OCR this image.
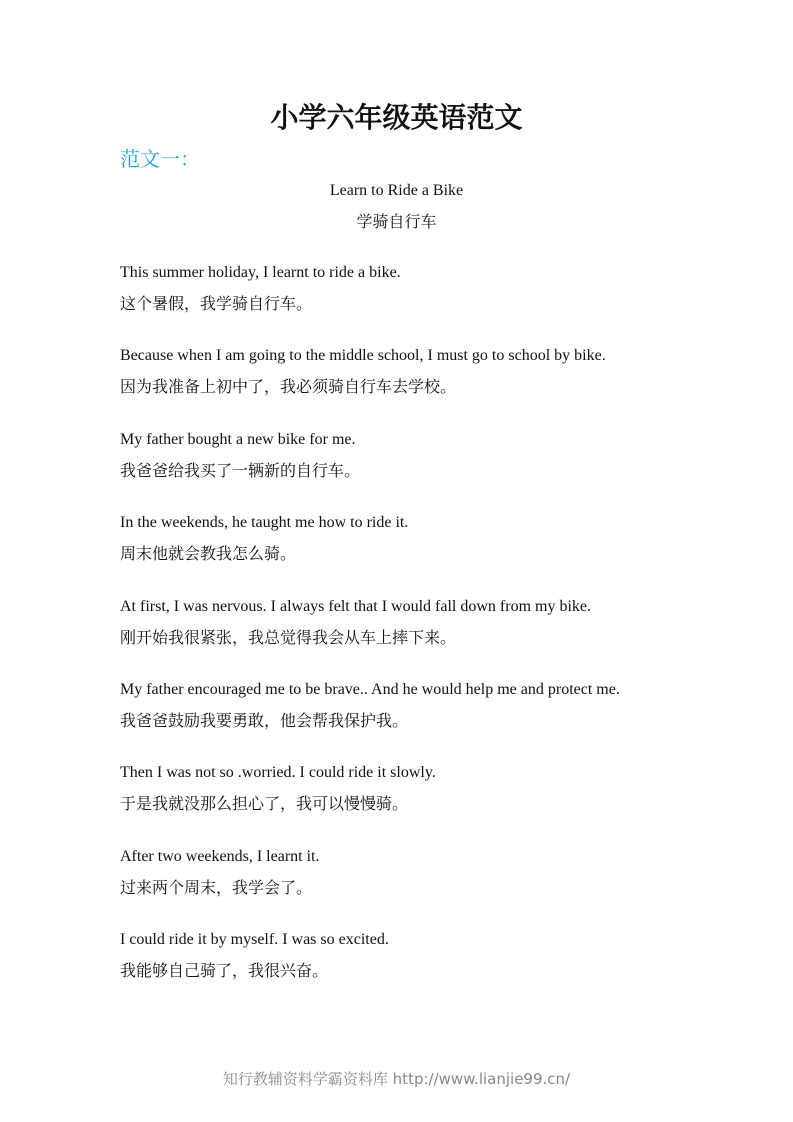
小学六年级英语范文
范文一：
Learn to Ride a Bike
学骑自行车
This summer holiday, I learnt to ride a bike.
这个暑假，我学骑自行车。
Because when I am going to the middle school, I must go to school by bike.
因为我准备上初中了，我必须骑自行车去学校。
My father bought a new bike for me.
我爸爸给我买了一辆新的自行车。
In the weekends, he taught me how to ride it.
周末他就会教我怎么骑。
At first, I was nervous. I always felt that I would fall down from my bike.
刚开始我很紧张，我总觉得我会从车上摔下来。
My father encouraged me to be brave.. And he would help me and protect me.
我爸爸鼓励我要勇敢，他会帮我保护我。
Then I was not so .worried. I could ride it slowly.
于是我就没那么担心了，我可以慢慢骑。
After two weekends, I learnt it.
过来两个周末，我学会了。
I could ride it by myself. I was so excited.
我能够自己骑了，我很兴奋。
知行教辅资料学霸资料库 http://www.lianjie99.cn/
